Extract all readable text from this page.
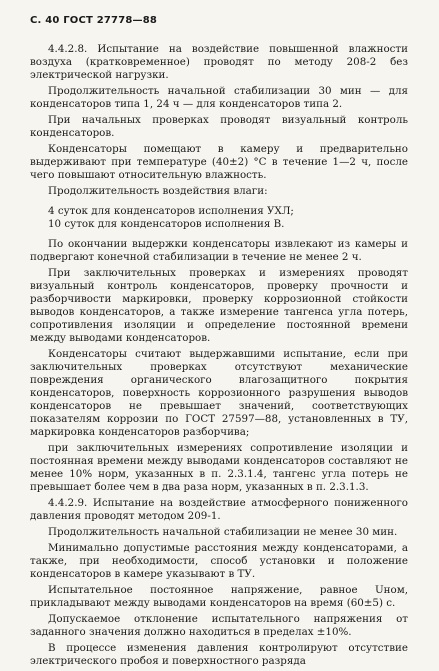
С. 40 ГОСТ 27778—88

4.4.2.8. Испытание на воздействие повышенной влажности воздуха (кратковременное) проводят по методу 208-2 без электрической нагрузки.

Продолжительность начальной стабилизации 30 мин — для конденсаторов типа 1, 24 ч — для конденсаторов типа 2.

При начальных проверках проводят визуальный контроль конденсаторов.

Конденсаторы помещают в камеру и предварительно выдерживают при температуре (40±2) °С в течение 1—2 ч, после чего повышают относительную влажность.

Продолжительность воздействия влаги:

4 суток для конденсаторов исполнения УХЛ;

10 суток для конденсаторов исполнения В.

По окончании выдержки конденсаторы извлекают из камеры и подвергают конечной стабилизации в течение не менее 2 ч.

При заключительных проверках и измерениях проводят визуальный контроль конденсаторов, проверку прочности и разборчивости маркировки, проверку коррозионной стойкости выводов конденсаторов, а также измерение тангенса угла потерь, сопротивления изоляции и определение постоянной времени между выводами конденсаторов.

Конденсаторы считают выдержавшими испытание, если при заключительных проверках отсутствуют механические повреждения органического влагозащитного покрытия конденсаторов, поверхность коррозионного разрушения выводов конденсаторов не превышает значений, соответствующих показателям коррозии по ГОСТ 27597—88, установленных в ТУ, маркировка конденсаторов разборчива;

при заключительных измерениях сопротивление изоляции и постоянная времени между выводами конденсаторов составляют не менее 10% норм, указанных в п. 2.3.1.4, тангенс угла потерь не превышает более чем в два раза норм, указанных в п. 2.3.1.3.

4.4.2.9. Испытание на воздействие атмосферного пониженного давления проводят методом 209-1.

Продолжительность начальной стабилизации не менее 30 мин.

Минимально допустимые расстояния между конденсаторами, а также, при необходимости, способ установки и положение конденсаторов в камере указывают в ТУ.

Испытательное постоянное напряжение, равное Uном, прикладывают между выводами конденсаторов на время (60±5) с.

Допускаемое отклонение испытательного напряжения от заданного значения должно находиться в пределах ±10%.

В процессе изменения давления контролируют отсутствие электрического пробоя и поверхностного разряда
